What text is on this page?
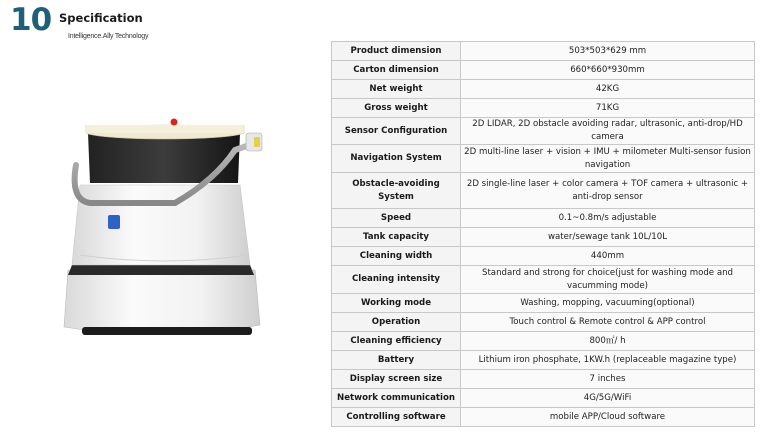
10 Specification
Intelligence.Ally Technology
Product dimension	503*503*629 mm
Carton dimension	660*660*930mm
Net weight	42KG
Gross weight	71KG
Sensor Configuration	2D LIDAR, 2D obstacle avoiding radar, ultrasonic, anti-drop/HD camera
Navigation System	2D multi-line laser + vision + IMU + milometer Multi-sensor fusion navigation
Obstacle-avoiding System	2D single-line laser + color camera + TOF camera + ultrasonic + anti-drop sensor
Speed	0.1~0.8m/s adjustable
Tank capacity	water/sewage tank 10L/10L
Cleaning width	440mm
Cleaning intensity	Standard and strong for choice(just for washing mode and vacumming mode)
Working mode	Washing, mopping, vacuuming(optional)
Operation	Touch control & Remote control & APP control
Cleaning efficiency	800㎡/ h
Battery	Lithium iron phosphate, 1KW.h (replaceable magazine type)
Display screen size	7 inches
Network communication	4G/5G/WiFi
Controlling software	mobile APP/Cloud software
